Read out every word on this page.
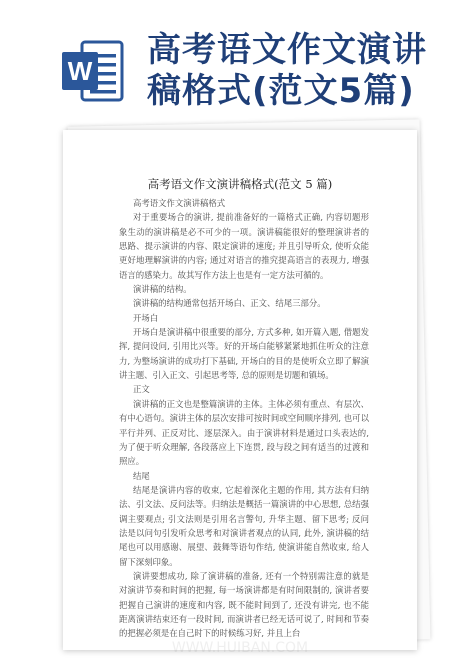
W
高考语文作文演讲
稿格式(范文5篇)
高考语文作文演讲稿格式(范文 5 篇)

高考语文作文演讲稿格式

对于重要场合的演讲, 提前准备好的一篇格式正确, 内容切题形象生动的演讲稿是必不可少的一项。演讲稿能很好的整理演讲者的思路、提示演讲的内容、限定演讲的速度; 并且引导听众, 使听众能更好地理解演讲的内容; 通过对语言的推究提高语言的表现力, 增强语言的感染力。故其写作方法上也是有一定方法可循的。

演讲稿的结构。

演讲稿的结构通常包括开场白、正文、结尾三部分。

开场白

开场白是演讲稿中很重要的部分, 方式多种, 如开篇入题, 借题发挥, 提问设问, 引用比兴等。好的开场白能够紧紧地抓住听众的注意力, 为整场演讲的成功打下基础, 开场白的目的是使听众立即了解演讲主题、引入正文、引起思考等, 总的原则是切题和镇场。

正文

演讲稿的正文也是整篇演讲的主体。主体必须有重点、有层次、有中心语句。演讲主体的层次安排可按时间或空间顺序排列, 也可以平行并列、正反对比、逐层深入。由于演讲材料是通过口头表达的, 为了便于听众理解, 各段落应上下连贯, 段与段之间有适当的过渡和照应。

结尾

结尾是演讲内容的收束, 它起着深化主题的作用, 其方法有归纳法、引文法、反问法等。归纳法是概括一篇演讲的中心思想, 总结强调主要观点; 引文法则是引用名言警句, 升华主题、留下思考; 反问法是以问句引发听众思考和对演讲者观点的认同, 此外, 演讲稿的结尾也可以用感谢、展望、鼓舞等语句作结, 使演讲能自然收束, 给人留下深刻印象。

演讲要想成功, 除了演讲稿的准备, 还有一个特别需注意的就是对演讲节奏和时间的把握, 每一场演讲都是有时间限制的, 演讲者要把握自己演讲的速度和内容, 既不能时间到了, 还没有讲完, 也不能距离演讲结束还有一段时间, 而演讲者已经无话可说了, 时间和节奏的把握必须是在自己时下的时候练习好, 并且上台

WWW.HUIBAN.COM
